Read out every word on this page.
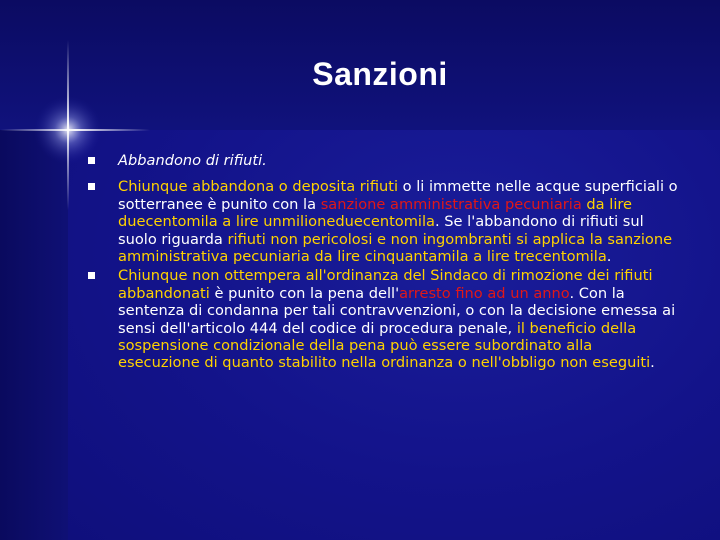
Sanzioni
Abbandono di rifiuti.
Chiunque abbandona o deposita rifiuti o li immette nelle acque superficiali o sotterranee è punito con la sanzione amministrativa pecuniaria da lire duecentomila a lire unmilioneduecentomila. Se l'abbandono di rifiuti sul suolo riguarda rifiuti non pericolosi e non ingombranti si applica la sanzione amministrativa pecuniaria da lire cinquantamila a lire trecentomila.
Chiunque non ottempera all'ordinanza del Sindaco di rimozione dei rifiuti abbandonati è punito con la pena dell'arresto fino ad un anno. Con la sentenza di condanna per tali contravvenzioni, o con la decisione emessa ai sensi dell'articolo 444 del codice di procedura penale, il beneficio della sospensione condizionale della pena può essere subordinato alla esecuzione di quanto stabilito nella ordinanza o nell'obbligo non eseguiti.
